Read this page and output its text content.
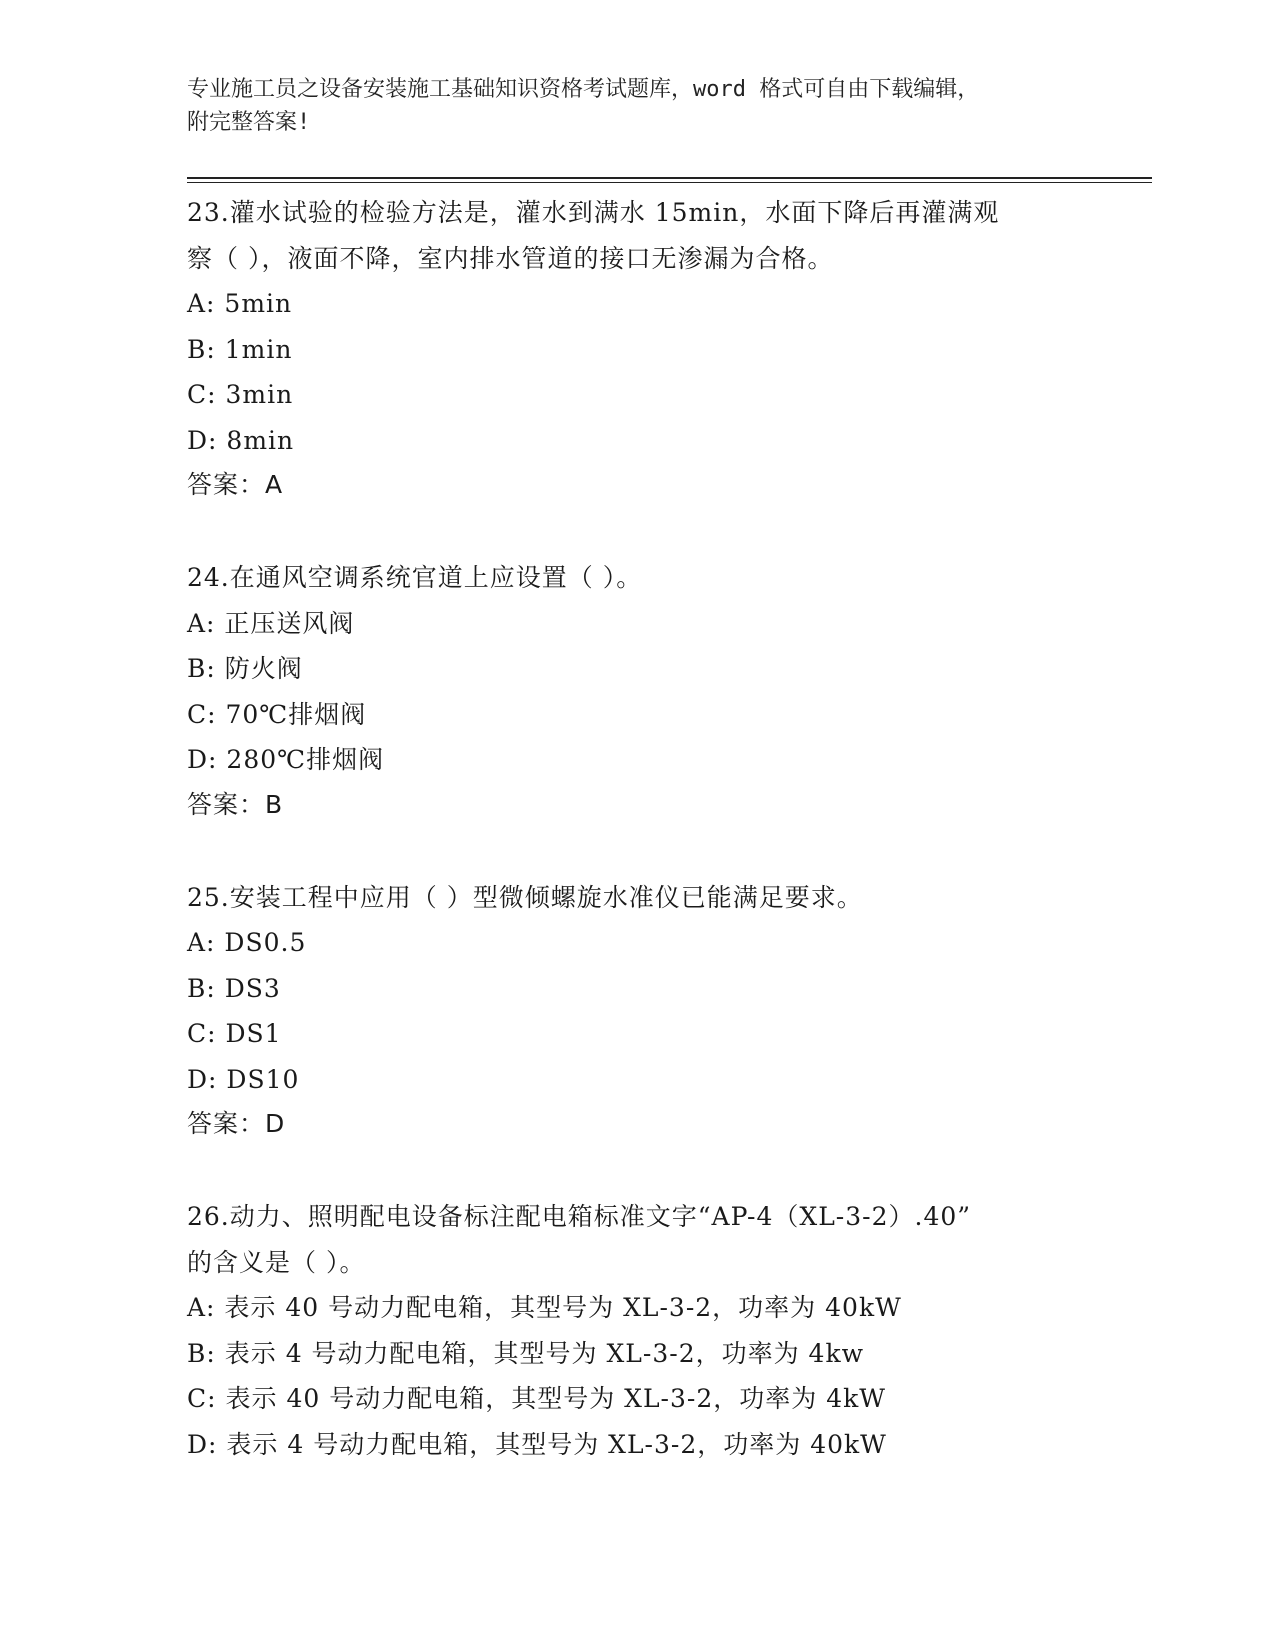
专业施工员之设备安装施工基础知识资格考试题库，word 格式可自由下载编辑，
附完整答案!
23.灌水试验的检验方法是，灌水到满水 15min，水面下降后再灌满观
察（ ），液面不降，室内排水管道的接口无渗漏为合格。
A: 5min
B: 1min
C: 3min
D: 8min
答案：A
24.在通风空调系统官道上应设置（ ）。
A: 正压送风阀
B: 防火阀
C: 70℃排烟阀
D: 280℃排烟阀
答案：B
25.安装工程中应用（ ）型微倾螺旋水准仪已能满足要求。
A: DS0.5
B: DS3
C: DS1
D: DS10
答案：D
26.动力、照明配电设备标注配电箱标准文字“AP-4（XL-3-2）.40”
的含义是（ ）。
A: 表示 40 号动力配电箱，其型号为 XL-3-2，功率为 40kW
B: 表示 4 号动力配电箱，其型号为 XL-3-2，功率为 4kw
C: 表示 40 号动力配电箱，其型号为 XL-3-2，功率为 4kW
D: 表示 4 号动力配电箱，其型号为 XL-3-2，功率为 40kW
